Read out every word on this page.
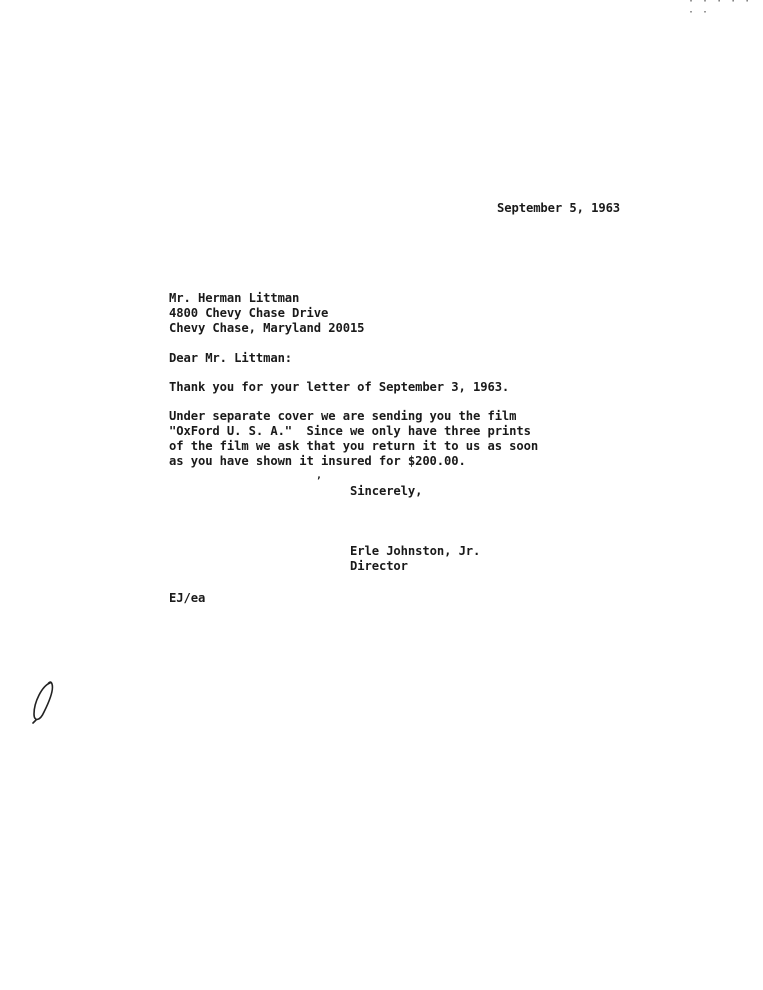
· · · · · · ·
September 5, 1963
Mr. Herman Littman
4800 Chevy Chase Drive
Chevy Chase, Maryland 20015
Dear Mr. Littman:
Thank you for your letter of September 3, 1963.
Under separate cover we are sending you the film
"OxFord U. S. A."  Since we only have three prints
of the film we ask that you return it to us as soon
as you have shown it insured for $200.00.
,
Sincerely,
Erle Johnston, Jr.
Director
EJ/ea
